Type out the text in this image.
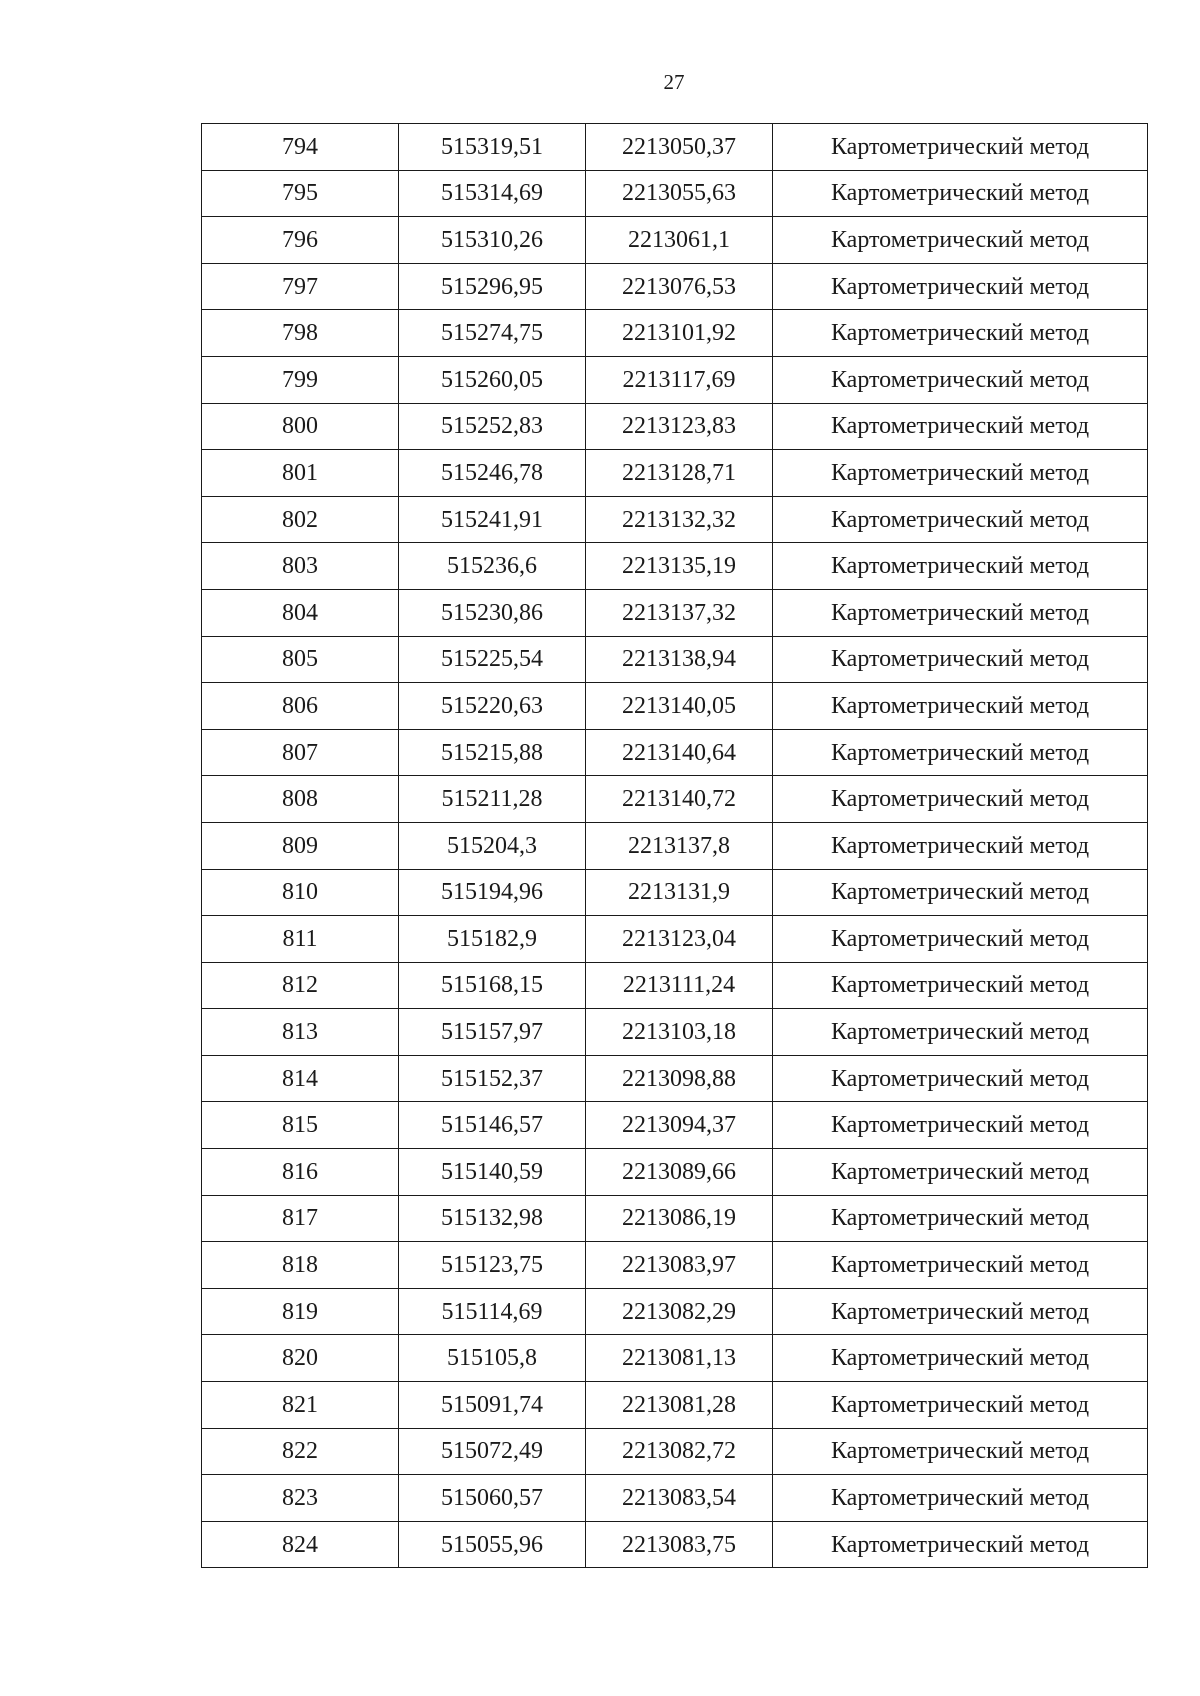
27
794	515319,51	2213050,37	Картометрический метод
795	515314,69	2213055,63	Картометрический метод
796	515310,26	2213061,1	Картометрический метод
797	515296,95	2213076,53	Картометрический метод
798	515274,75	2213101,92	Картометрический метод
799	515260,05	2213117,69	Картометрический метод
800	515252,83	2213123,83	Картометрический метод
801	515246,78	2213128,71	Картометрический метод
802	515241,91	2213132,32	Картометрический метод
803	515236,6	2213135,19	Картометрический метод
804	515230,86	2213137,32	Картометрический метод
805	515225,54	2213138,94	Картометрический метод
806	515220,63	2213140,05	Картометрический метод
807	515215,88	2213140,64	Картометрический метод
808	515211,28	2213140,72	Картометрический метод
809	515204,3	2213137,8	Картометрический метод
810	515194,96	2213131,9	Картометрический метод
811	515182,9	2213123,04	Картометрический метод
812	515168,15	2213111,24	Картометрический метод
813	515157,97	2213103,18	Картометрический метод
814	515152,37	2213098,88	Картометрический метод
815	515146,57	2213094,37	Картометрический метод
816	515140,59	2213089,66	Картометрический метод
817	515132,98	2213086,19	Картометрический метод
818	515123,75	2213083,97	Картометрический метод
819	515114,69	2213082,29	Картометрический метод
820	515105,8	2213081,13	Картометрический метод
821	515091,74	2213081,28	Картометрический метод
822	515072,49	2213082,72	Картометрический метод
823	515060,57	2213083,54	Картометрический метод
824	515055,96	2213083,75	Картометрический метод
